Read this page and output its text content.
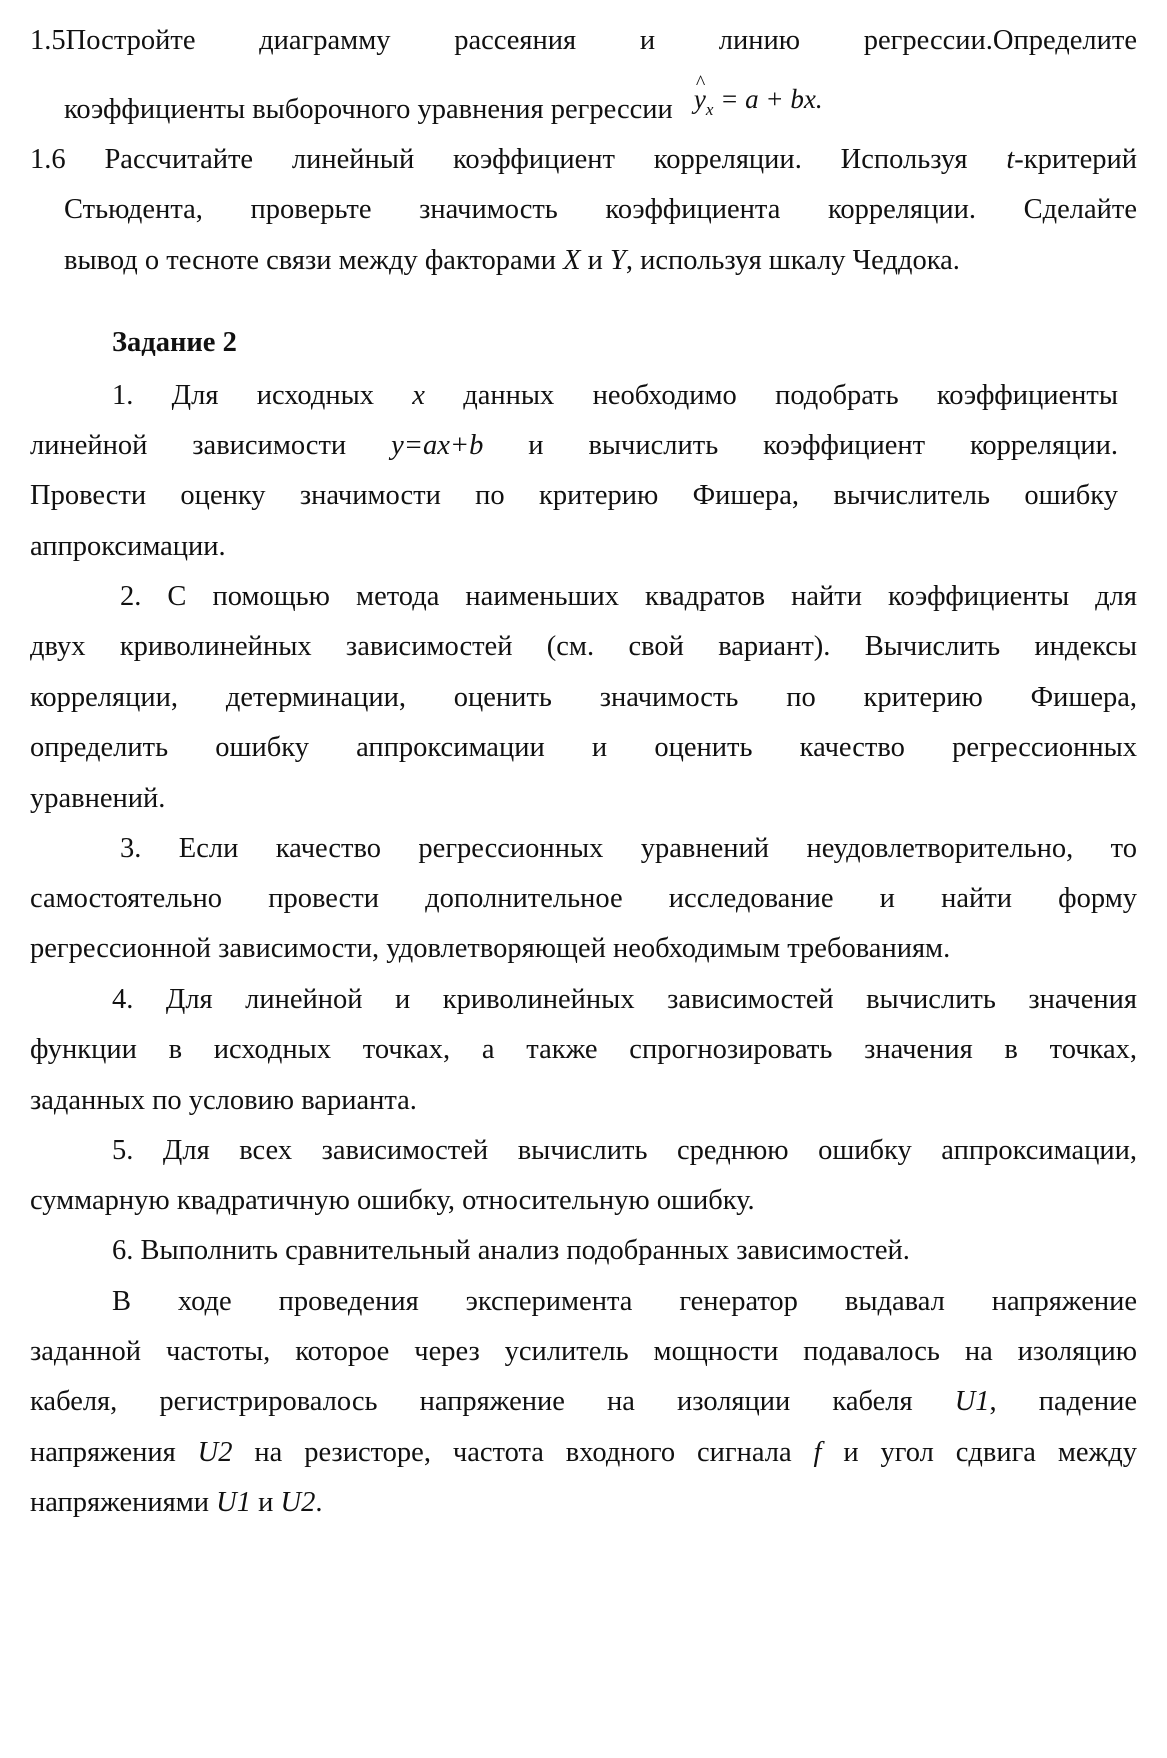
1.5Постройте диаграмму рассеяния и линию регрессии.Определите
коэффициенты выборочного уравнения регрессии ^ $y_x = a$ + bx.
1.6 Рассчитайте линейный коэффициент корреляции. Используя t-критерий
Стьюдента, проверьте значимость коэффициента корреляции. Сделайте
вывод о тесноте связи между факторами X и Y, используя шкалу Чеддока.
Задание 2
1. Для исходных x данных необходимо подобрать коэффициенты
линейной зависимости y=ax+b и вычислить коэффициент корреляции.
Провести оценку значимости по критерию Фишера, вычислитель ошибку
аппроксимации.
2. С помощью метода наименьших квадратов найти коэффициенты для
двух криволинейных зависимостей (см. свой вариант). Вычислить индексы
корреляции, детерминации, оценить значимость по критерию Фишера,
определить ошибку аппроксимации и оценить качество регрессионных
уравнений.
3. Если качество регрессионных уравнений неудовлетворительно, то
самостоятельно провести дополнительное исследование и найти форму
регрессионной зависимости, удовлетворяющей необходимым требованиям.
4. Для линейной и криволинейных зависимостей вычислить значения
функции в исходных точках, а также спрогнозировать значения в точках,
заданных по условию варианта.
5. Для всех зависимостей вычислить среднюю ошибку аппроксимации,
суммарную квадратичную ошибку, относительную ошибку.
6. Выполнить сравнительный анализ подобранных зависимостей.
В ходе проведения эксперимента генератор выдавал напряжение
заданной частоты, которое через усилитель мощности подавалось на изоляцию
кабеля, регистрировалось напряжение на изоляции кабеля U1, падение
напряжения U2 на резисторе, частота входного сигнала f и угол сдвига между
напряжениями U1 и U2.
